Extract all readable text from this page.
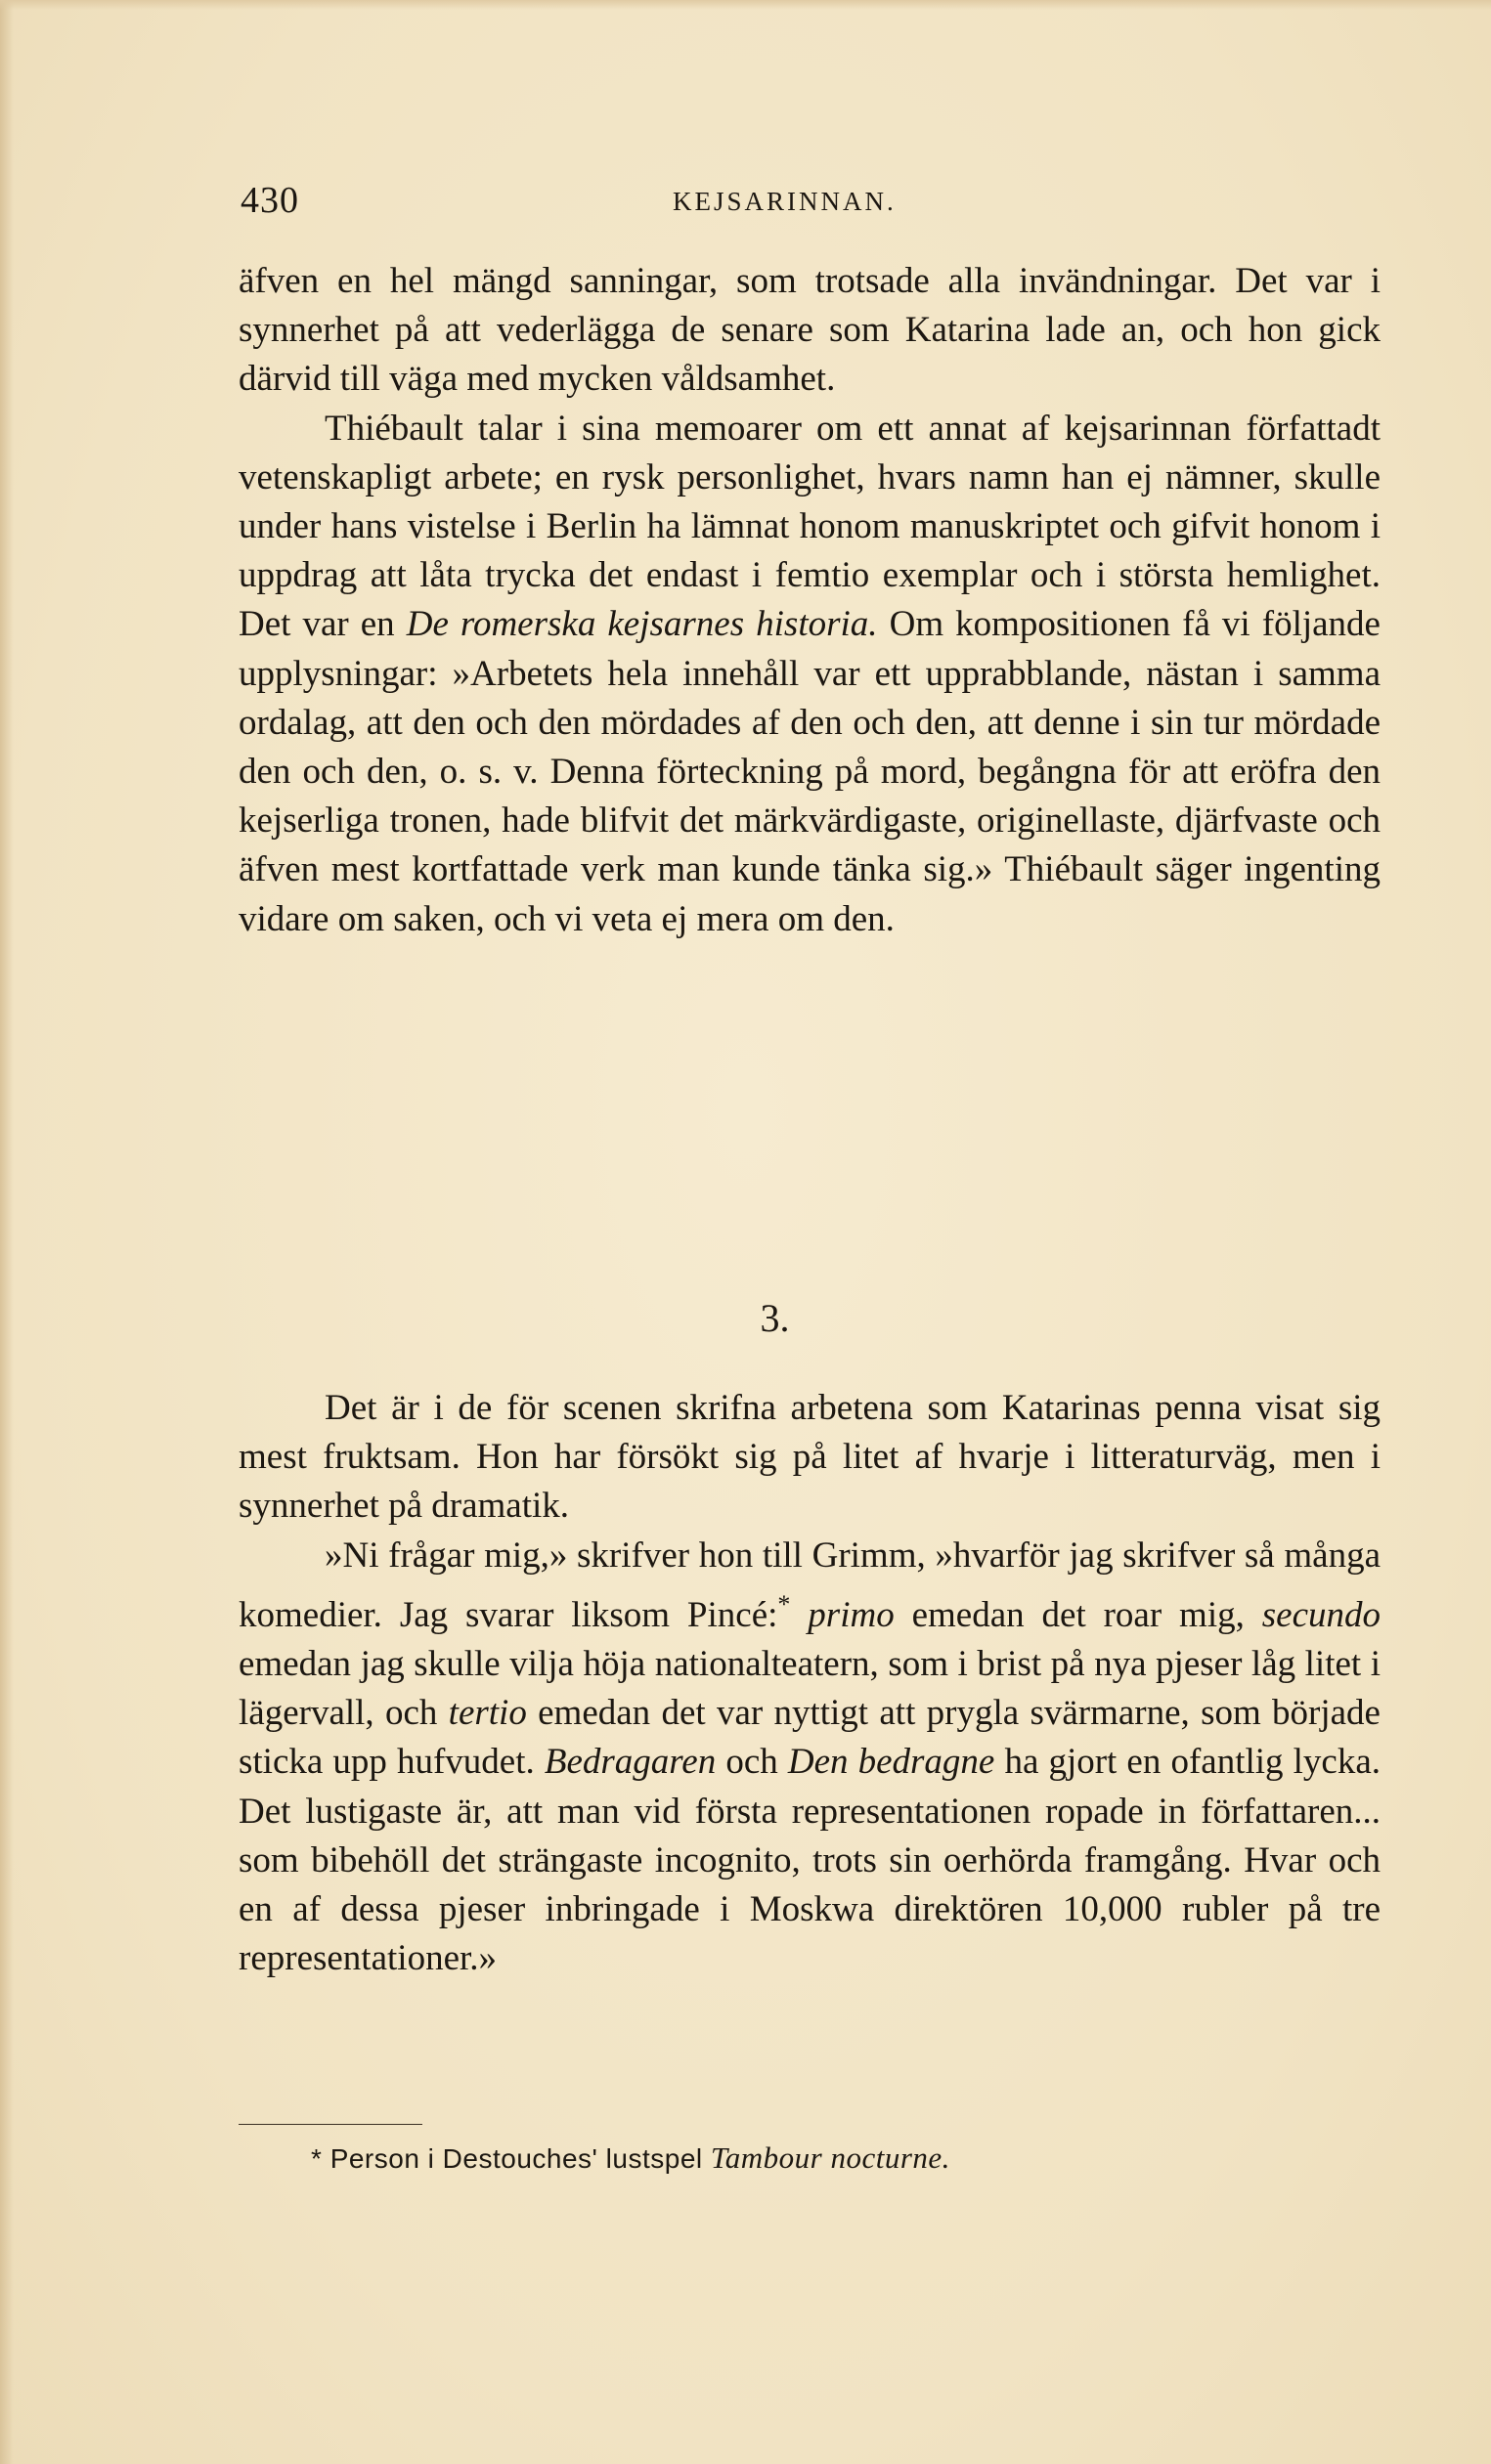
430	KEJSARINNAN.

äfven en hel mängd sanningar, som trotsade alla invändningar. Det var i synnerhet på att vederlägga de senare som Katarina lade an, och hon gick därvid till väga med mycken våldsamhet.

Thiébault talar i sina memoarer om ett annat af kejsarinnan författadt vetenskapligt arbete; en rysk personlighet, hvars namn han ej nämner, skulle under hans vistelse i Berlin ha lämnat honom manuskriptet och gifvit honom i uppdrag att låta trycka det endast i femtio exemplar och i största hemlighet. Det var en De romerska kejsarnes historia. Om kompositionen få vi följande upplysningar: »Arbetets hela innehåll var ett upprabblande, nästan i samma ordalag, att den och den mördades af den och den, att denne i sin tur mördade den och den, o. s. v. Denna förteckning på mord, begångna för att eröfra den kejserliga tronen, hade blifvit det märkvärdigaste, originellaste, djärfvaste och äfven mest kortfattade verk man kunde tänka sig.» Thiébault säger ingenting vidare om saken, och vi veta ej mera om den.

3.

Det är i de för scenen skrifna arbetena som Katarinas penna visat sig mest fruktsam. Hon har försökt sig på litet af hvarje i litteraturväg, men i synnerhet på dramatik.

»Ni frågar mig,» skrifver hon till Grimm, »hvarför jag skrifver så många komedier. Jag svarar liksom Pincé:* primo emedan det roar mig, secundo emedan jag skulle vilja höja nationalteatern, som i brist på nya pjeser låg litet i lägervall, och tertio emedan det var nyttigt att prygla svärmarne, som började sticka upp hufvudet. Bedragaren och Den bedragne ha gjort en ofantlig lycka. Det lustigaste är, att man vid första representationen ropade in författaren... som bibehöll det strängaste incognito, trots sin oerhörda framgång. Hvar och en af dessa pjeser inbringade i Moskwa direktören 10,000 rubler på tre representationer.»

* Person i Destouches' lustspel Tambour nocturne.
